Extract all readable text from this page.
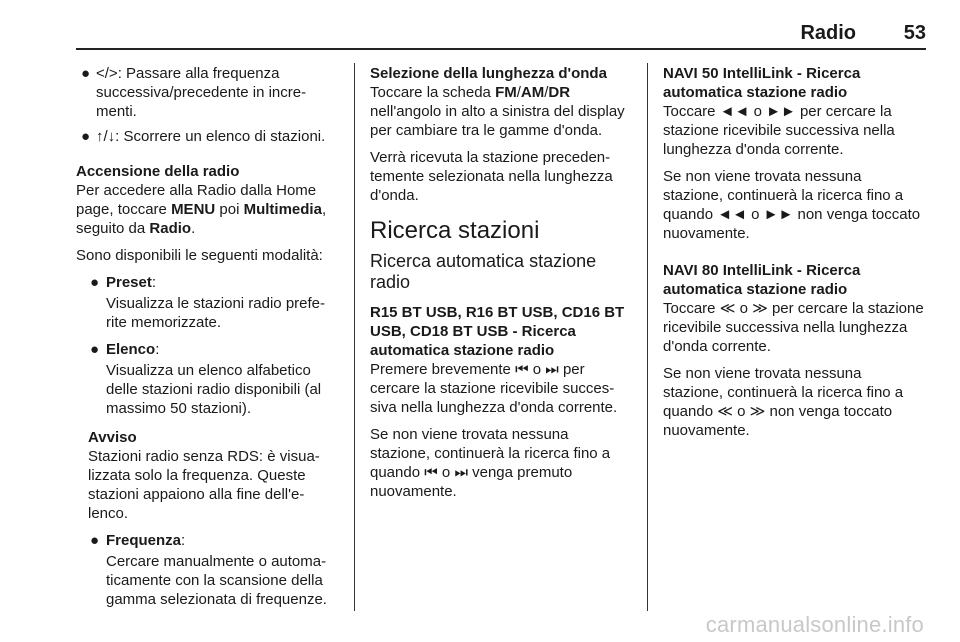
Radio 53
● </>: Passare alla frequenza successiva/precedente in incre-menti.
● ↑/↓: Scorrere un elenco di stazioni.

Accensione della radio

Per accedere alla Radio dalla Home page, toccare MENU poi Multimedia, seguito da Radio.

Sono disponibili le seguenti modalità:

● Preset:

Visualizza le stazioni radio prefe-rite memorizzate.

● Elenco:

Visualizza un elenco alfabetico delle stazioni radio disponibili (al massimo 50 stazioni).

Avviso

Stazioni radio senza RDS: è visua-lizzata solo la frequenza. Queste stazioni appaiono alla fine dell'e-lenco.

● Frequenza:

Cercare manualmente o automa-ticamente con la scansione della gamma selezionata di frequenze.

Selezione della lunghezza d'onda

Toccare la scheda FM/AM/DR nell'angolo in alto a sinistra del display per cambiare tra le gamme d'onda.

Verrà ricevuta la stazione preceden-temente selezionata nella lunghezza d'onda.

Ricerca stazioni
Ricerca automatica stazione radio

R15 BT USB, R16 BT USB, CD16 BT USB, CD18 BT USB - Ricerca automatica stazione radio

Premere brevemente ⏮ o ⏭ per cercare la stazione ricevibile succes-siva nella lunghezza d'onda corrente.

Se non viene trovata nessuna stazione, continuerà la ricerca fino a quando ⏮ o ⏭ venga premuto nuovamente.

NAVI 50 IntelliLink - Ricerca automatica stazione radio

Toccare ◄◄ o ►► per cercare la stazione ricevibile successiva nella lunghezza d'onda corrente.

Se non viene trovata nessuna stazione, continuerà la ricerca fino a quando ◄◄ o ►► non venga toccato nuovamente.

NAVI 80 IntelliLink - Ricerca automatica stazione radio

Toccare ≪ o ≫ per cercare la stazione ricevibile successiva nella lunghezza d'onda corrente.

Se non viene trovata nessuna stazione, continuerà la ricerca fino a quando ≪ o ≫ non venga toccato nuovamente.

carmanualsonline.info
